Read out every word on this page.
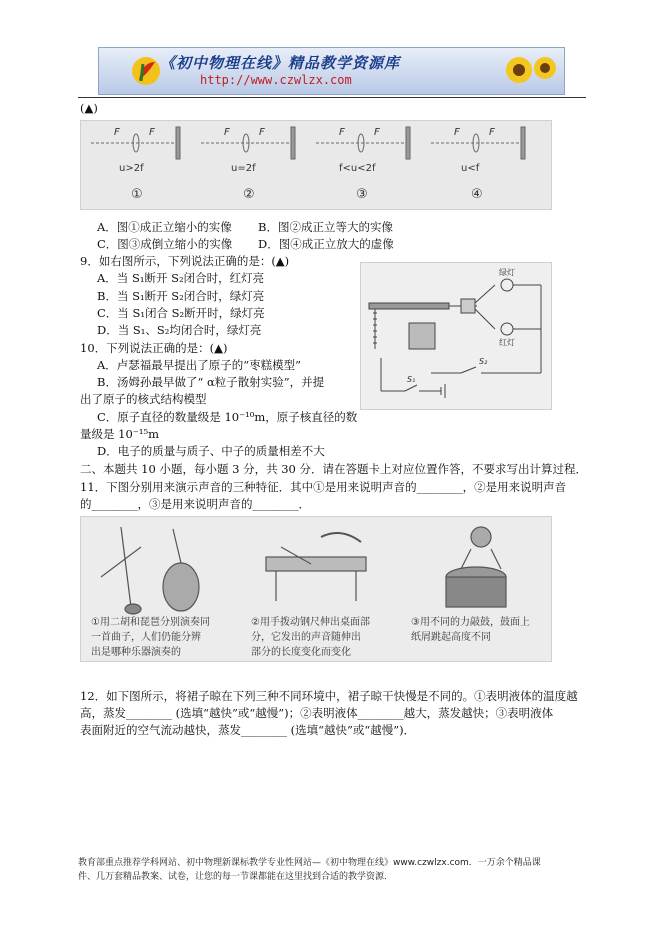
《初中物理在线》精品教学资源库
http://www.czwlzx.com
(▲)
F	F	F	F	F	F	F	F
u>2f	u=2f	f<u<2f	u<f
①	②	③	④
A．图①成正立缩小的实像 B．图②成正立等大的实像
C．图③成倒立缩小的实像 D．图④成正立放大的虚像
9．如右图所示，下列说法正确的是：(▲)
A．当 S₁断开 S₂闭合时，红灯亮
B．当 S₁断开 S₂闭合时，绿灯亮
C．当 S₁闭合 S₂断开时，绿灯亮
D．当 S₁、S₂均闭合时，绿灯亮
绿灯
红灯
S₂
S₁
10．下列说法正确的是：(▲)
A．卢瑟福最早提出了原子的“枣糕模型”
B．汤姆孙最早做了“ α粒子散射实验”，并提
出了原子的核式结构模型
C．原子直径的数量级是 10⁻¹⁰m，原子核直径的数
量级是 10⁻¹⁵m
D．电子的质量与质子、中子的质量相差不大
二、本题共 10 小题，每小题 3 分，共 30 分．请在答题卡上对应位置作答，不要求写出计算过程．
11．下图分别用来演示声音的三种特征．其中①是用来说明声音的________，②是用来说明声音
的________，③是用来说明声音的________．
①用二胡和琵琶分别演奏同
一首曲子，人们仍能分辨
出是哪种乐器演奏的
②用手拨动钢尺伸出桌面部
分，它发出的声音随伸出
部分的长度变化而变化
③用不同的力敲鼓，鼓面上
纸屑跳起高度不同
12．如下图所示，将裙子晾在下列三种不同环境中，裙子晾干快慢是不同的。①表明液体的温度越
高，蒸发________ (选填“越快”或“越慢”)；②表明液体________越大，蒸发越快；③表明液体
表面附近的空气流动越快，蒸发________ (选填“越快”或“越慢”)．
教育部重点推荐学科网站、初中物理新课标教学专业性网站—《初中物理在线》www.czwlzx.com．一万余个精品课
件、几万套精品教案、试卷，让您的每一节课都能在这里找到合适的教学资源．
